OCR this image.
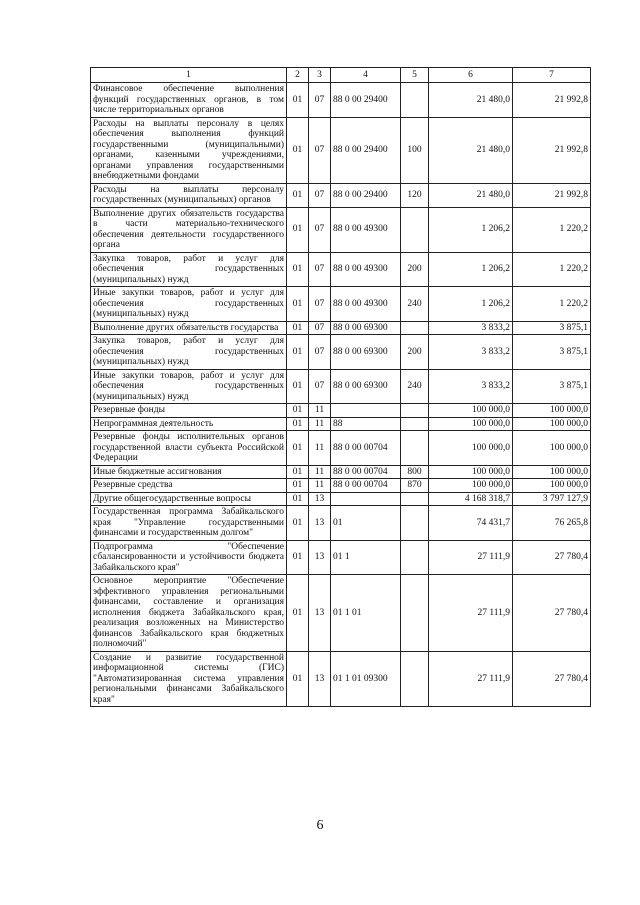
1	2	3	4	5	6	7
Финансовое обеспечение выполнения функций государственных органов, в том числе территориальных органов	01	07	88 0 00 29400		21 480,0	21 992,8
Расходы на выплаты персоналу в целях обеспечения выполнения функций государственными (муниципальными) органами, казенными учреждениями, органами управления государственными внебюджетными фондами	01	07	88 0 00 29400	100	21 480,0	21 992,8
Расходы на выплаты персоналу государственных (муниципальных) органов	01	07	88 0 00 29400	120	21 480,0	21 992,8
Выполнение других обязательств государства в части материально-технического обеспечения деятельности государственного органа	01	07	88 0 00 49300		1 206,2	1 220,2
Закупка товаров, работ и услуг для обеспечения государственных (муниципальных) нужд	01	07	88 0 00 49300	200	1 206,2	1 220,2
Иные закупки товаров, работ и услуг для обеспечения государственных (муниципальных) нужд	01	07	88 0 00 49300	240	1 206,2	1 220,2
Выполнение других обязательств государства	01	07	88 0 00 69300		3 833,2	3 875,1
Закупка товаров, работ и услуг для обеспечения государственных (муниципальных) нужд	01	07	88 0 00 69300	200	3 833,2	3 875,1
Иные закупки товаров, работ и услуг для обеспечения государственных (муниципальных) нужд	01	07	88 0 00 69300	240	3 833,2	3 875,1
Резервные фонды	01	11			100 000,0	100 000,0
Непрограммная деятельность	01	11	88		100 000,0	100 000,0
Резервные фонды исполнительных органов государственной власти субъекта Российской Федерации	01	11	88 0 00 00704		100 000,0	100 000,0
Иные бюджетные ассигнования	01	11	88 0 00 00704	800	100 000,0	100 000,0
Резервные средства	01	11	88 0 00 00704	870	100 000,0	100 000,0
Другие общегосударственные вопросы	01	13			4 168 318,7	3 797 127,9
Государственная программа Забайкальского края "Управление государственными финансами и государственным долгом"	01	13	01		74 431,7	76 265,8
Подпрограмма "Обеспечение сбалансированности и устойчивости бюджета Забайкальского края"	01	13	01 1		27 111,9	27 780,4
Основное мероприятие "Обеспечение эффективного управления региональными финансами, составление и организация исполнения бюджета Забайкальского края, реализация возложенных на Министерство финансов Забайкальского края бюджетных полномочий"	01	13	01 1 01		27 111,9	27 780,4
Создание и развитие государственной информационной системы (ГИС) "Автоматизированная система управления региональными финансами Забайкальского края"	01	13	01 1 01 09300		27 111,9	27 780,4
6
